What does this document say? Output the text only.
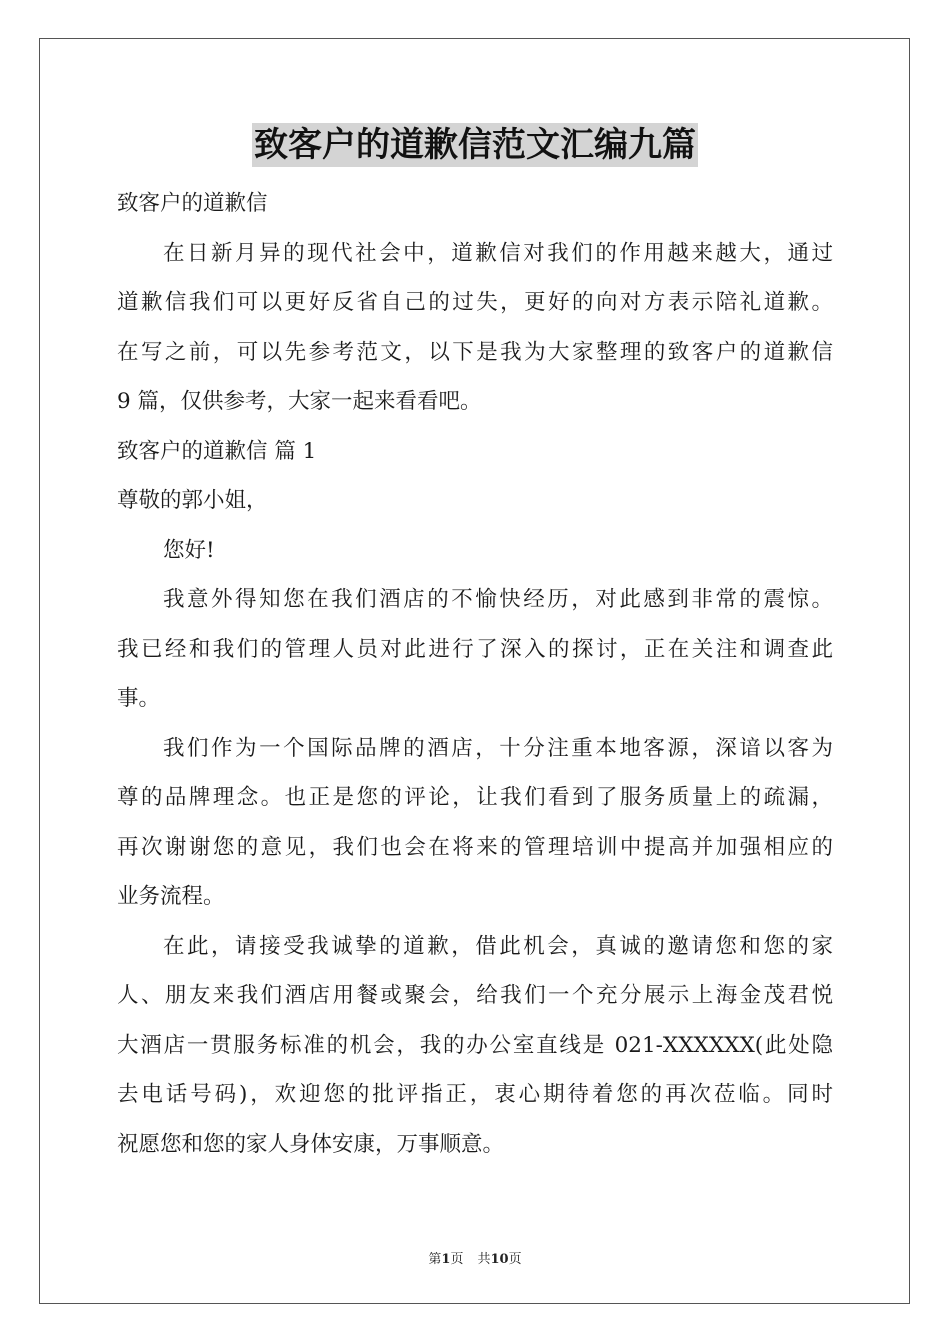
致客户的道歉信范文汇编九篇
致客户的道歉信
在日新月异的现代社会中，道歉信对我们的作用越来越大，通过
道歉信我们可以更好反省自己的过失，更好的向对方表示陪礼道歉。
在写之前，可以先参考范文，以下是我为大家整理的致客户的道歉信
9 篇，仅供参考，大家一起来看看吧。
致客户的道歉信 篇 1
尊敬的郭小姐，
您好!
我意外得知您在我们酒店的不愉快经历，对此感到非常的震惊。
我已经和我们的管理人员对此进行了深入的探讨，正在关注和调查此
事。
我们作为一个国际品牌的酒店，十分注重本地客源，深谙以客为
尊的品牌理念。也正是您的评论，让我们看到了服务质量上的疏漏，
再次谢谢您的意见，我们也会在将来的管理培训中提高并加强相应的
业务流程。
在此，请接受我诚挚的道歉，借此机会，真诚的邀请您和您的家
人、朋友来我们酒店用餐或聚会，给我们一个充分展示上海金茂君悦
大酒店一贯服务标准的机会，我的办公室直线是 021-XXXXXX(此处隐
去电话号码)，欢迎您的批评指正，衷心期待着您的再次莅临。同时
祝愿您和您的家人身体安康，万事顺意。
第1页 共10页
